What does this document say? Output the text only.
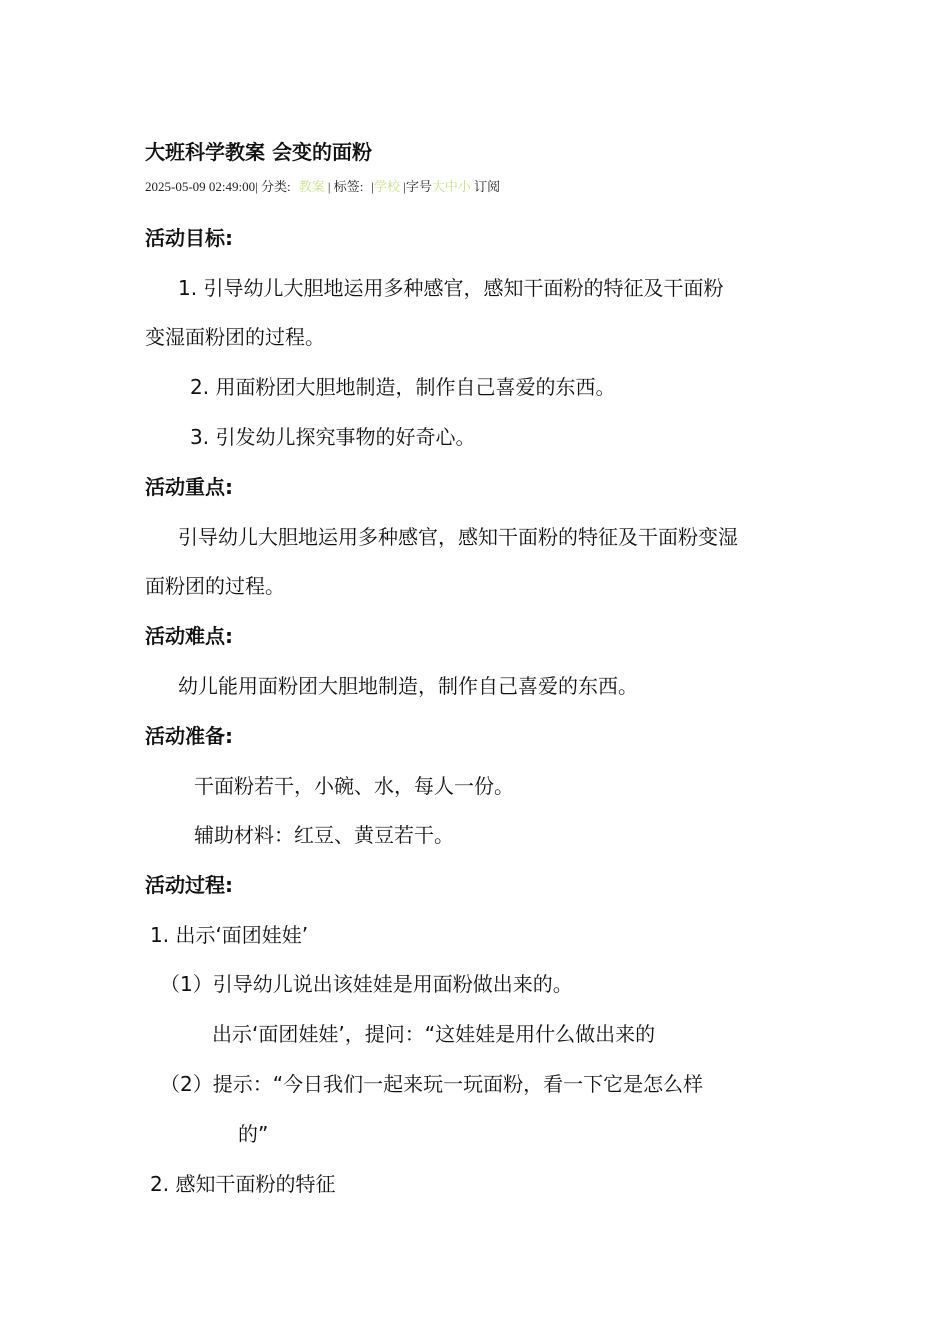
大班科学教案 会变的面粉
2025-05-09 02:49:00| 分类: 教案 | 标签: |学校 |字号大中小 订阅
活动目标:
1. 引导幼儿大胆地运用多种感官，感知干面粉的特征及干面粉
变湿面粉团的过程。
2. 用面粉团大胆地制造，制作自己喜爱的东西。
3. 引发幼儿探究事物的好奇心。
活动重点:
引导幼儿大胆地运用多种感官，感知干面粉的特征及干面粉变湿
面粉团的过程。
活动难点:
幼儿能用面粉团大胆地制造，制作自己喜爱的东西。
活动准备:
干面粉若干，小碗、水，每人一份。
辅助材料：红豆、黄豆若干。
活动过程:
1. 出示‘面团娃娃’
（1）引导幼儿说出该娃娃是用面粉做出来的。
出示‘面团娃娃’，提问：“这娃娃是用什么做出来的
（2）提示：“今日我们一起来玩一玩面粉，看一下它是怎么样
的”
2. 感知干面粉的特征
